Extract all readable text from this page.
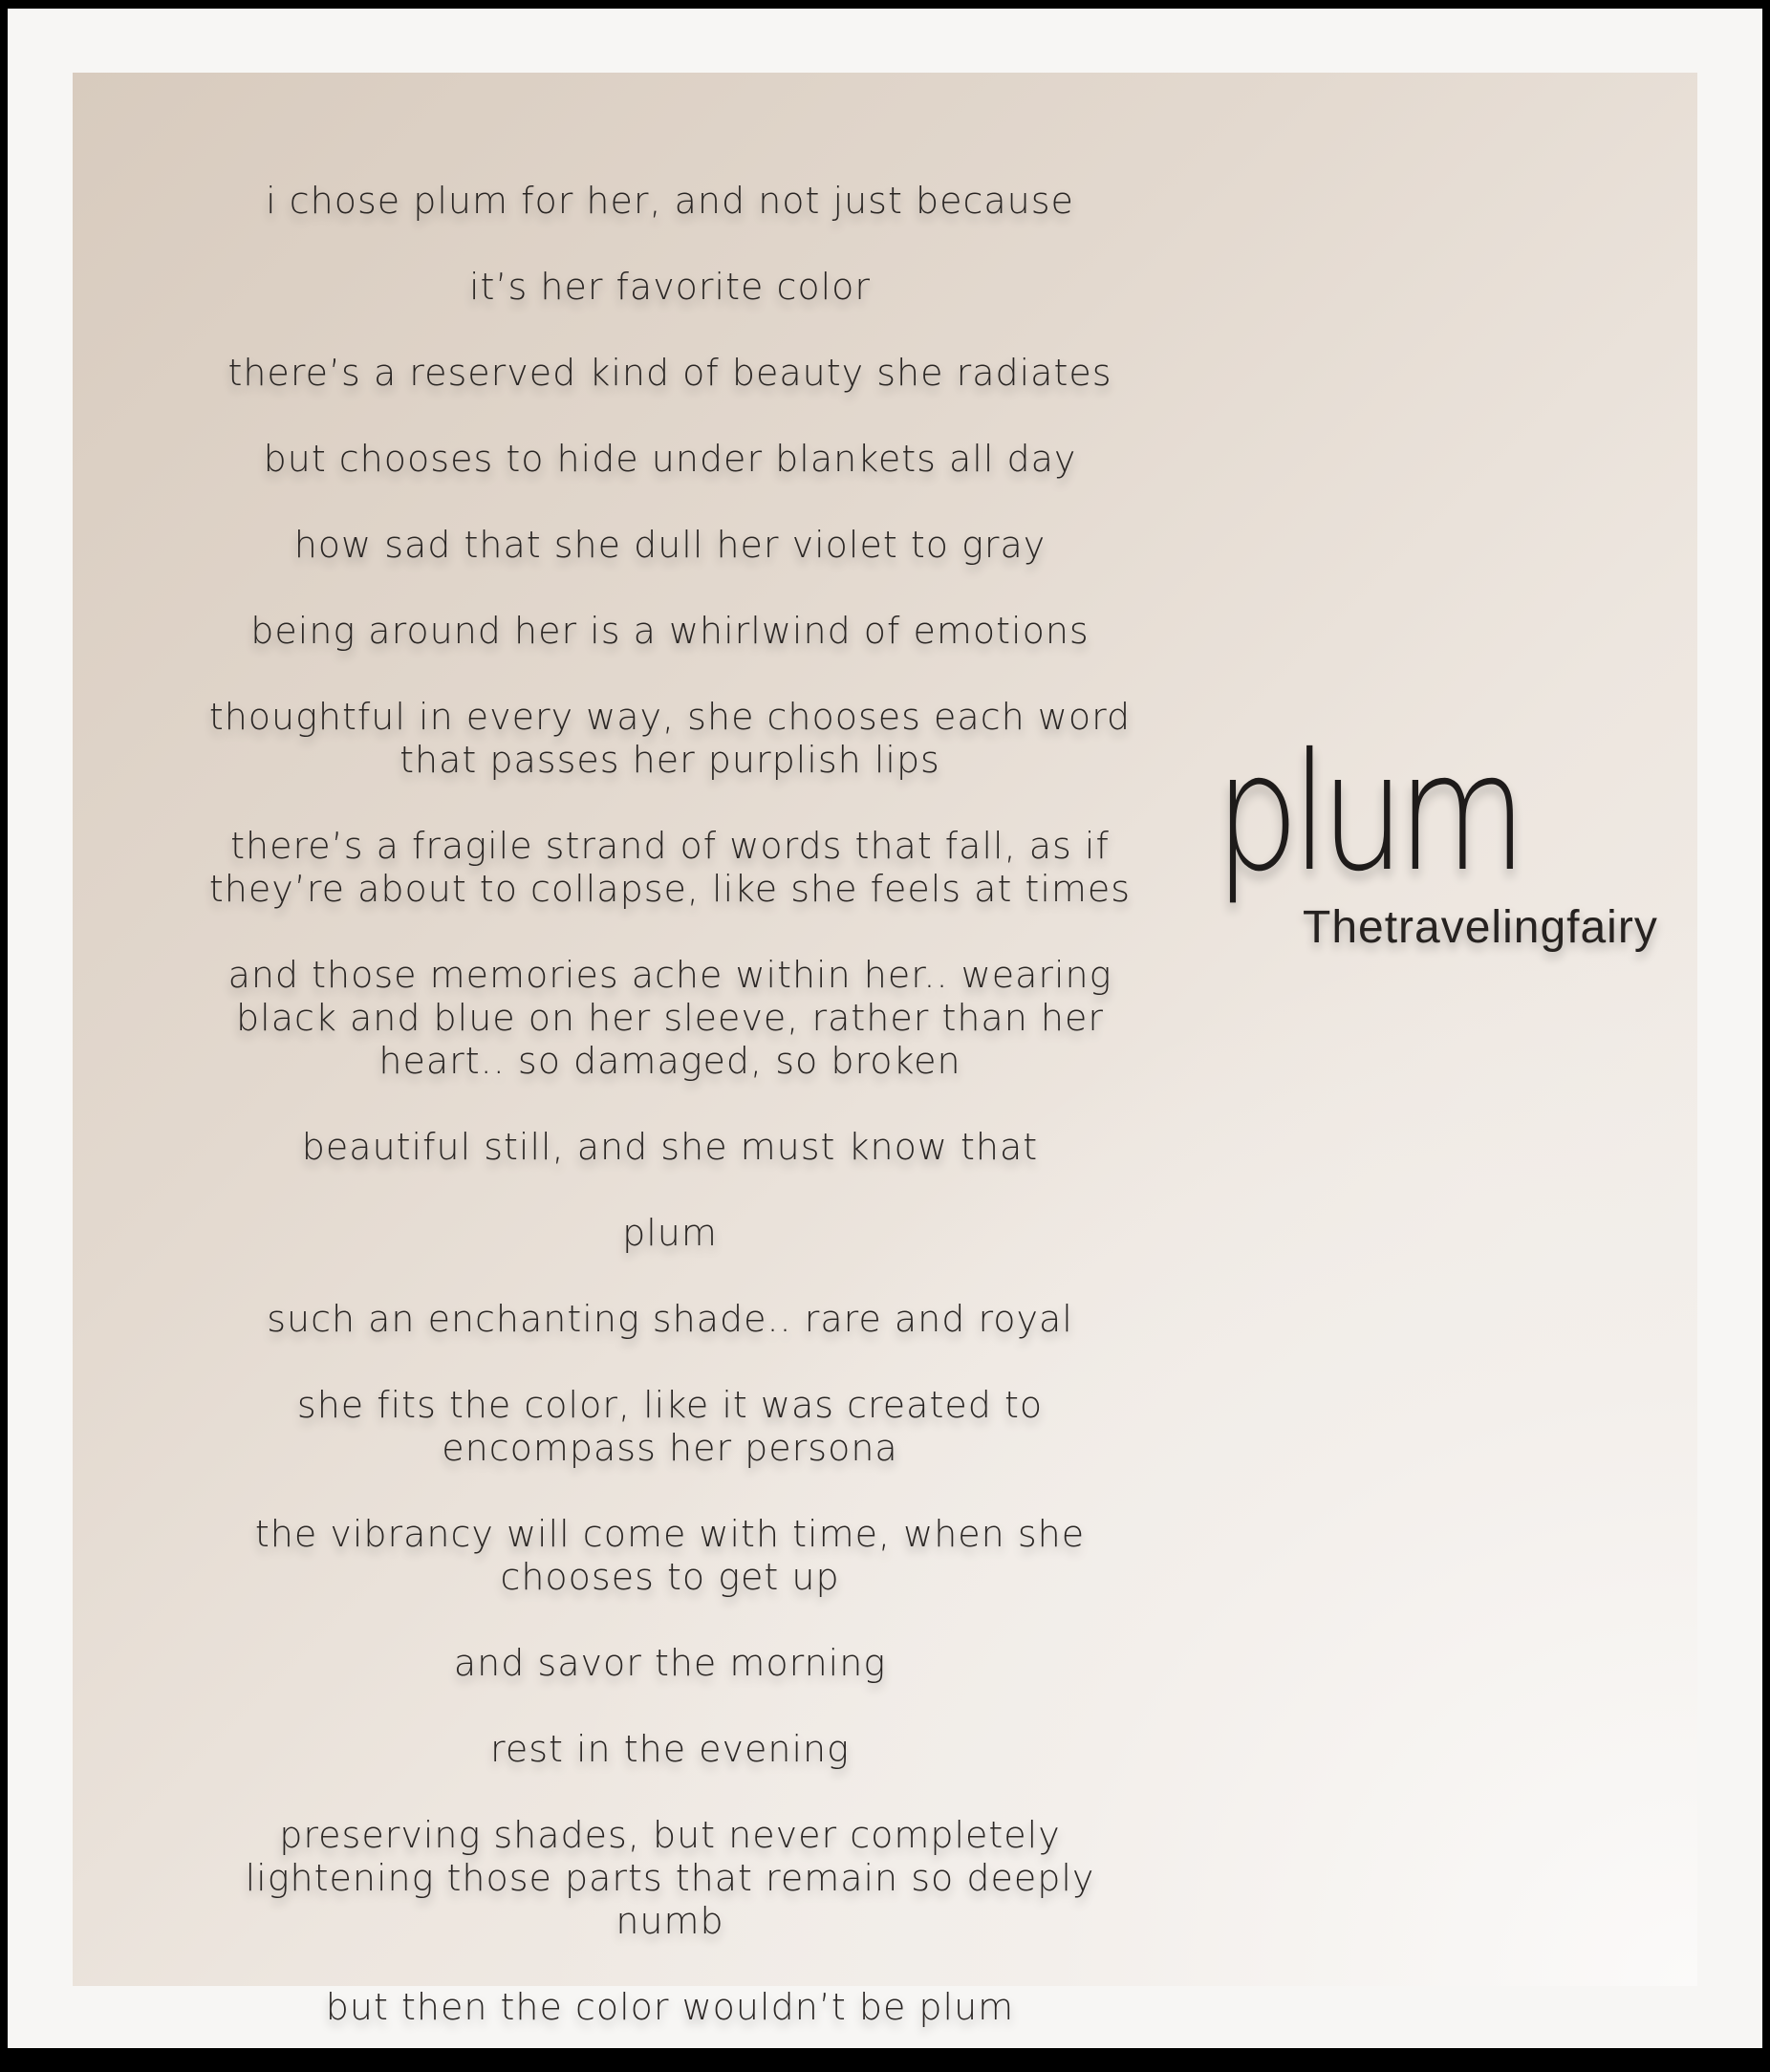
i chose plum for her, and not just because

it’s her favorite color

there’s a reserved kind of beauty she radiates

but chooses to hide under blankets all day

how sad that she dull her violet to gray

being around her is a whirlwind of emotions

thoughtful in every way, she chooses each word that passes her purplish lips

there’s a fragile strand of words that fall, as if they’re about to collapse, like she feels at times

and those memories ache within her.. wearing black and blue on her sleeve, rather than her heart.. so damaged, so broken

beautiful still, and she must know that

plum

such an enchanting shade.. rare and royal

she fits the color, like it was created to encompass her persona

the vibrancy will come with time, when she chooses to get up

and savor the morning

rest in the evening

preserving shades, but never completely lightening those parts that remain so deeply numb

but then the color wouldn’t be plum

plum
Thetravelingfairy
